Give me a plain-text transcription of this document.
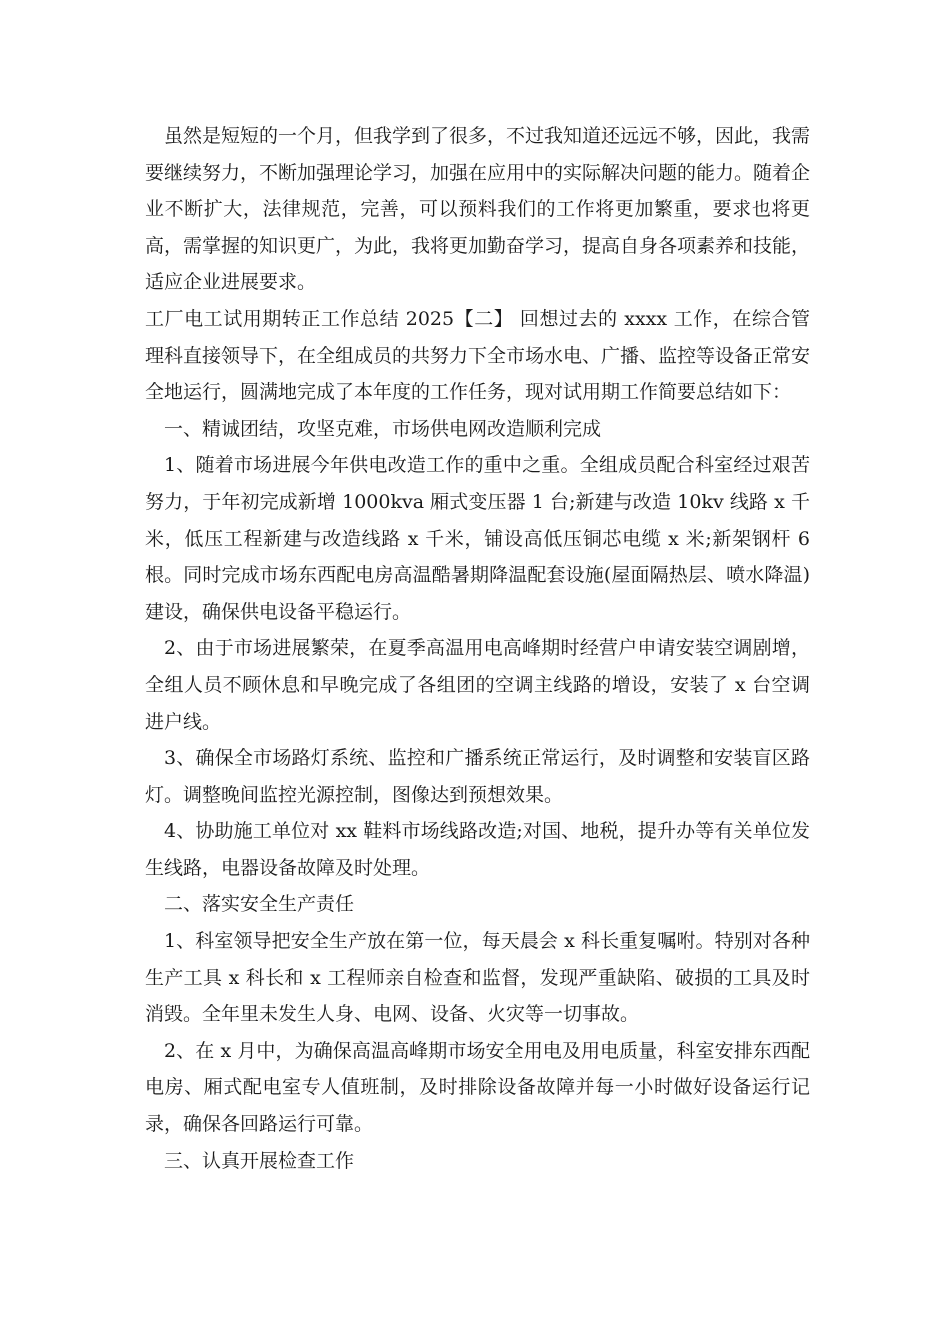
虽然是短短的一个月，但我学到了很多，不过我知道还远远不够，因此，我需要继续努力，不断加强理论学习，加强在应用中的实际解决问题的能力。随着企业不断扩大，法律规范，完善，可以预料我们的工作将更加繁重，要求也将更高，需掌握的知识更广，为此，我将更加勤奋学习，提高自身各项素养和技能，适应企业进展要求。

工厂电工试用期转正工作总结 2025【二】 回想过去的 xxxx 工作，在综合管理科直接领导下，在全组成员的共努力下全市场水电、广播、监控等设备正常安全地运行，圆满地完成了本年度的工作任务，现对试用期工作简要总结如下：

一、精诚团结，攻坚克难，市场供电网改造顺利完成

1、随着市场进展今年供电改造工作的重中之重。全组成员配合科室经过艰苦努力，于年初完成新增 1000kva 厢式变压器 1 台;新建与改造 10kv 线路 x 千米，低压工程新建与改造线路 x 千米，铺设高低压铜芯电缆 x 米;新架钢杆 6 根。同时完成市场东西配电房高温酷暑期降温配套设施(屋面隔热层、喷水降温)建设，确保供电设备平稳运行。

2、由于市场进展繁荣，在夏季高温用电高峰期时经营户申请安装空调剧增，全组人员不顾休息和早晚完成了各组团的空调主线路的增设，安装了 x 台空调进户线。

3、确保全市场路灯系统、监控和广播系统正常运行，及时调整和安装盲区路灯。调整晚间监控光源控制，图像达到预想效果。

4、协助施工单位对 xx 鞋料市场线路改造;对国、地税，提升办等有关单位发生线路，电器设备故障及时处理。

二、落实安全生产责任

1、科室领导把安全生产放在第一位，每天晨会 x 科长重复嘱咐。特别对各种生产工具 x 科长和 x 工程师亲自检查和监督，发现严重缺陷、破损的工具及时消毁。全年里未发生人身、电网、设备、火灾等一切事故。

2、在 x 月中，为确保高温高峰期市场安全用电及用电质量，科室安排东西配电房、厢式配电室专人值班制，及时排除设备故障并每一小时做好设备运行记录，确保各回路运行可靠。

三、认真开展检查工作
